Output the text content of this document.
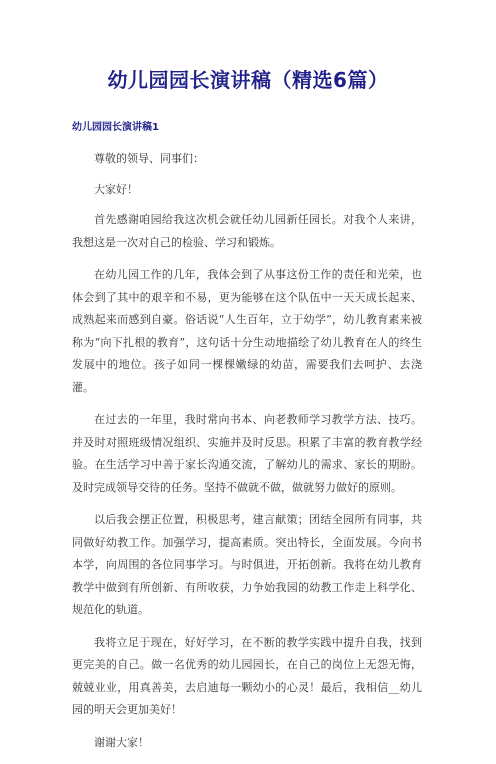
幼儿园园长演讲稿（精选6篇）
幼儿园园长演讲稿1

尊敬的领导、同事们：

大家好！

首先感谢咱园给我这次机会就任幼儿园新任园长。对我个人来讲，我想这是一次对自己的检验、学习和锻炼。

在幼儿园工作的几年，我体会到了从事这份工作的责任和光荣，也体会到了其中的艰辛和不易，更为能够在这个队伍中一天天成长起来、成熟起来而感到自豪。俗话说“人生百年，立于幼学”，幼儿教育素来被称为“向下扎根的教育”，这句话十分生动地描绘了幼儿教育在人的终生发展中的地位。孩子如同一棵棵嫩绿的幼苗，需要我们去呵护、去浇灌。

在过去的一年里，我时常向书本、向老教师学习教学方法、技巧。并及时对照班级情况组织、实施并及时反思。积累了丰富的教育教学经验。在生活学习中善于家长沟通交流，了解幼儿的需求、家长的期盼。及时完成领导交待的任务。坚持不做就不做，做就努力做好的原则。

以后我会摆正位置，积极思考，建言献策；团结全园所有同事，共同做好幼教工作。加强学习，提高素质。突出特长，全面发展。今向书本学，向周围的各位同事学习。与时俱进，开拓创新。我将在幼儿教育教学中做到有所创新、有所收获，力争始我园的幼教工作走上科学化、规范化的轨道。

我将立足于现在，好好学习，在不断的教学实践中提升自我，找到更完美的自己。做一名优秀的幼儿园园长，在自己的岗位上无怨无悔，兢兢业业，用真善美，去启迪每一颗幼小的心灵！最后，我相信__幼儿园的明天会更加美好！

谢谢大家！
